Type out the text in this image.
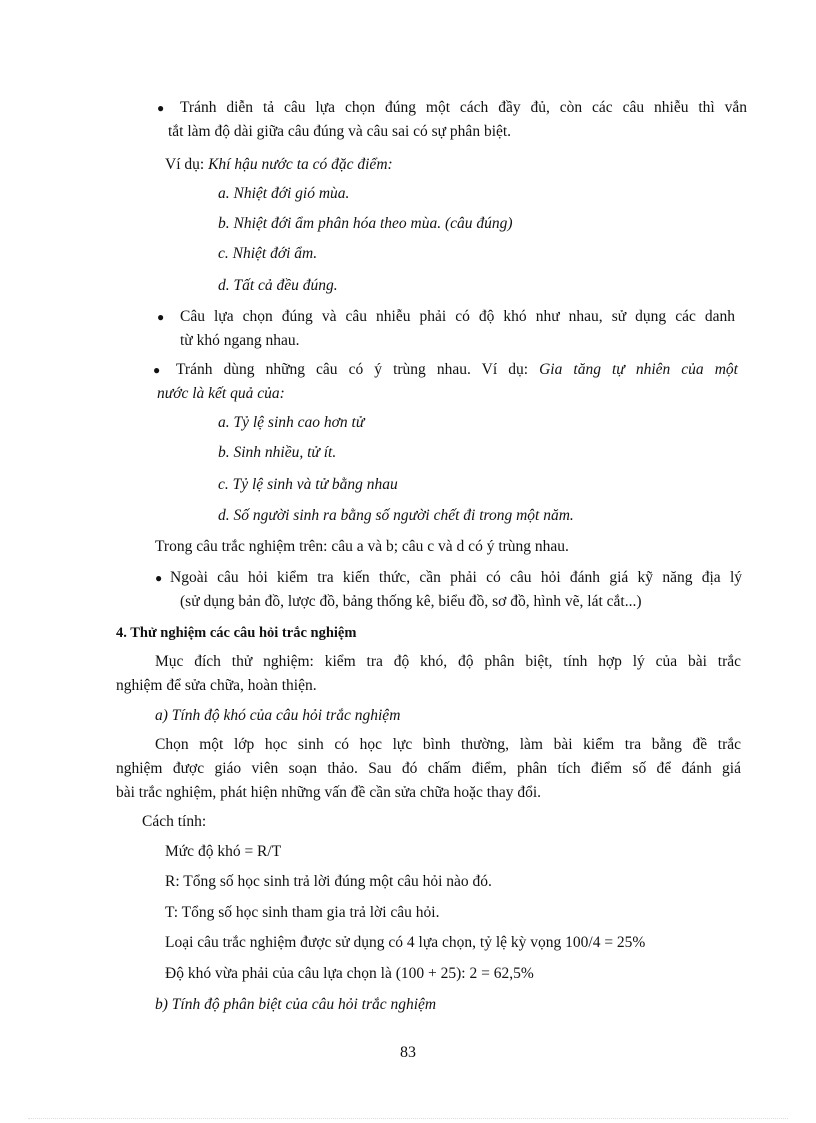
● Tránh diễn tả câu lựa chọn đúng một cách đầy đủ, còn các câu nhiễu thì vắn
tắt làm độ dài giữa câu đúng và câu sai có sự phân biệt.
Ví dụ: Khí hậu nước ta có đặc điểm:
a. Nhiệt đới gió mùa.
b. Nhiệt đới ẩm phân hóa theo mùa. (câu đúng)
c. Nhiệt đới ẩm.
d. Tất cả đều đúng.
● Câu lựa chọn đúng và câu nhiễu phải có độ khó như nhau, sử dụng các danh
từ khó ngang nhau.
● Tránh dùng những câu có ý trùng nhau. Ví dụ: Gia tăng tự nhiên của một
nước là kết quả của:
a. Tỷ lệ sinh cao hơn tử
b. Sinh nhiều, tử ít.
c. Tỷ lệ sinh và tử bằng nhau
d. Số người sinh ra bằng số người chết đi trong một năm.
Trong câu trắc nghiệm trên: câu a và b; câu c và d có ý trùng nhau.
● Ngoài câu hỏi kiểm tra kiến thức, cần phải có câu hỏi đánh giá kỹ năng địa lý
(sử dụng bản đồ, lược đồ, bảng thống kê, biểu đồ, sơ đồ, hình vẽ, lát cắt...)
4. Thử nghiệm các câu hỏi trắc nghiệm
Mục đích thử nghiệm: kiểm tra độ khó, độ phân biệt, tính hợp lý của bài trắc
nghiệm để sửa chữa, hoàn thiện.
a) Tính độ khó của câu hỏi trắc nghiệm
Chọn một lớp học sinh có học lực bình thường, làm bài kiểm tra bằng đề trắc
nghiệm được giáo viên soạn thảo. Sau đó chấm điểm, phân tích điểm số để đánh giá
bài trắc nghiệm, phát hiện những vấn đề cần sửa chữa hoặc thay đổi.
Cách tính:
Mức độ khó = R/T
R: Tổng số học sinh trả lời đúng một câu hỏi nào đó.
T: Tổng số học sinh tham gia trả lời câu hỏi.
Loại câu trắc nghiệm được sử dụng có 4 lựa chọn, tỷ lệ kỳ vọng 100/4 = 25%
Độ khó vừa phải của câu lựa chọn là (100 + 25): 2 = 62,5%
b) Tính độ phân biệt của câu hỏi trắc nghiệm
83
